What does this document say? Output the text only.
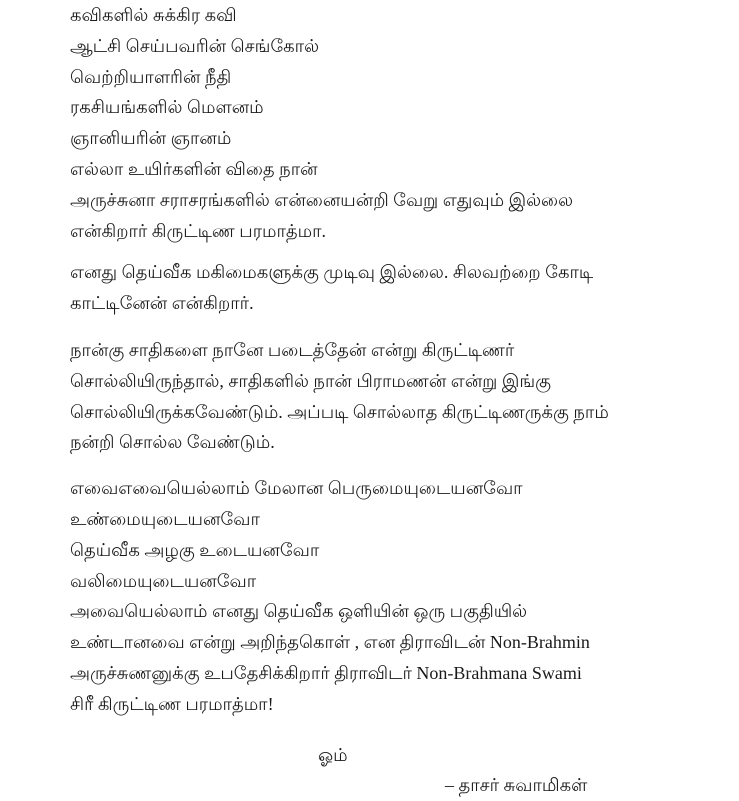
கவிகளில் சுக்கிர கவி
ஆட்சி செய்பவரின் செங்கோல்
வெற்றியாளரின் நீதி
ரகசியங்களில் மௌனம்
ஞானியரின் ஞானம்
எல்லா உயிர்களின் விதை நான்
அருச்சுனா சராசரங்களில் என்னையன்றி வேறு எதுவும் இல்லை
என்கிறார் கிருட்டிண பரமாத்மா.
எனது தெய்வீக மகிமைகளுக்கு முடிவு இல்லை. சிலவற்றை கோடி
காட்டினேன் என்கிறார்.
நான்கு சாதிகளை நானே படைத்தேன் என்று கிருட்டிணர்
சொல்லியிருந்தால், சாதிகளில் நான் பிராமணன் என்று இங்கு
சொல்லியிருக்கவேண்டும். அப்படி சொல்லாத கிருட்டிணருக்கு நாம்
நன்றி சொல்ல வேண்டும்.
எவைஎவையெல்லாம் மேலான பெருமையுடையனவோ
உண்மையுடையனவோ
தெய்வீக அழகு உடையனவோ
வலிமையுடையனவோ
அவையெல்லாம் எனது தெய்வீக ஒளியின் ஒரு பகுதியில்
உண்டானவை என்று அறிந்தகொள் , என திராவிடன் Non-Brahmin
அருச்சுணனுக்கு உபதேசிக்கிறார் திராவிடர் Non-Brahmana Swami
சிரீ கிருட்டிண பரமாத்மா!
ஓம்
– தாசர் சுவாமிகள்
